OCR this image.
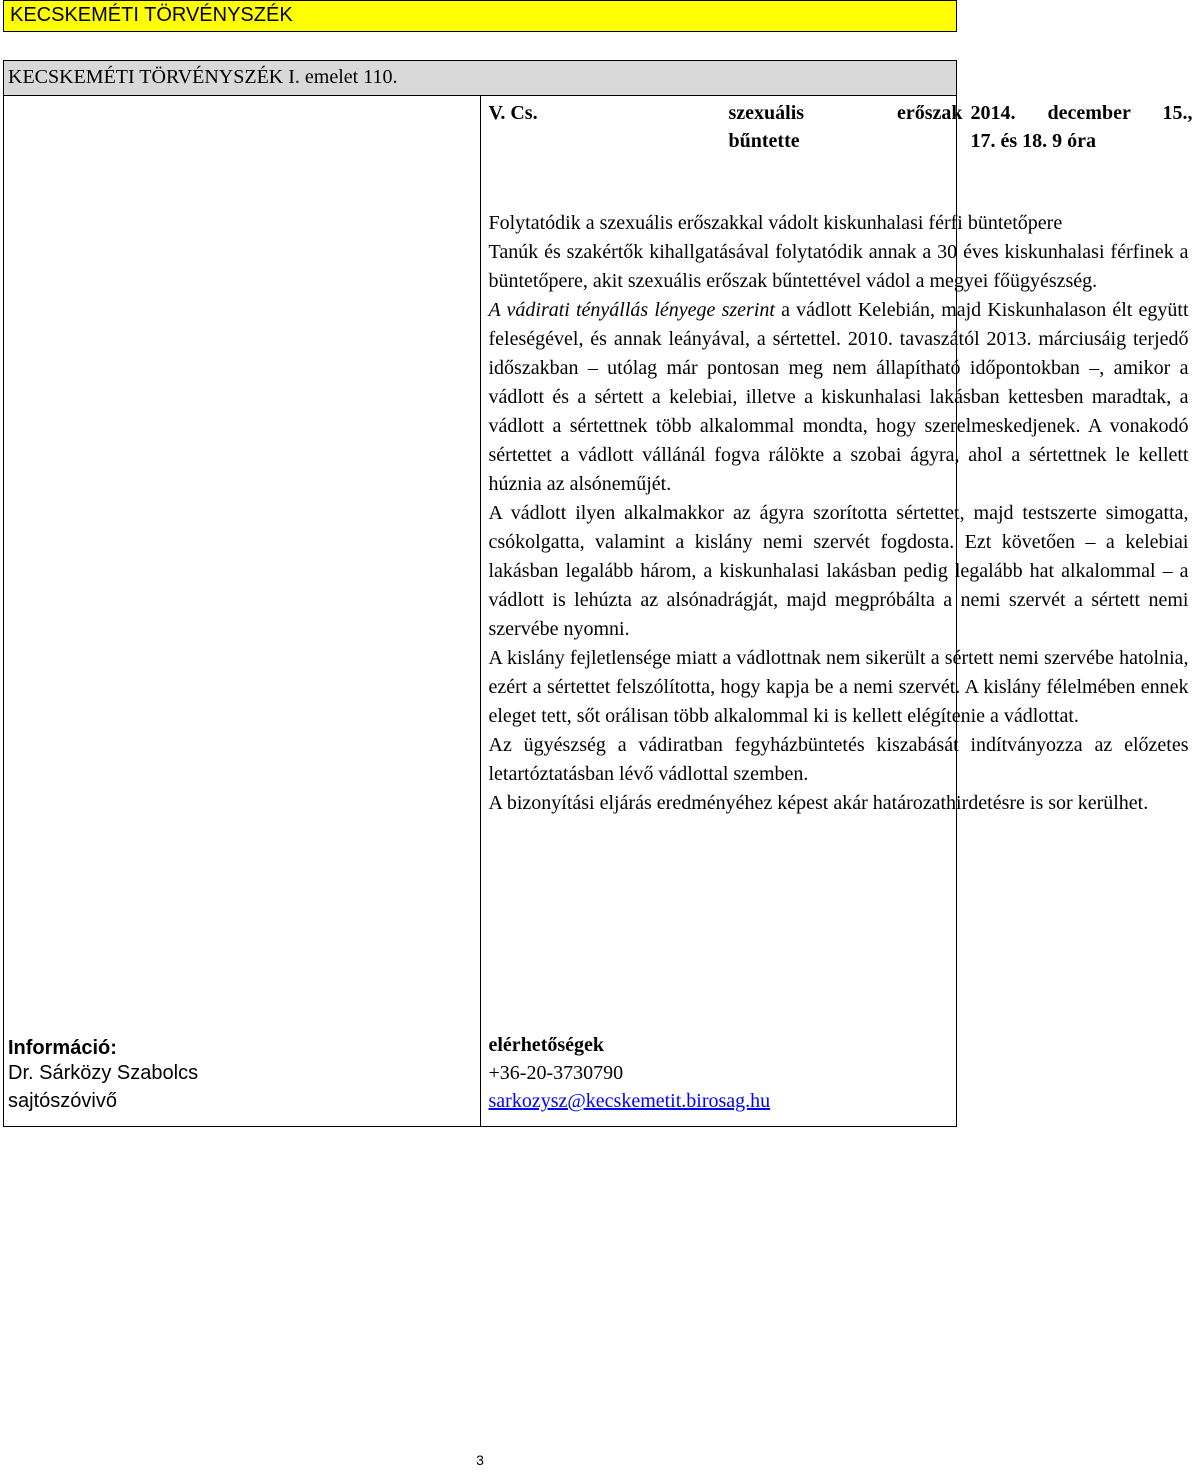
KECSKEMÉTI TÖRVÉNYSZÉK
KECSKEMÉTI TÖRVÉNYSZÉK I. emelet 110.

Információ:
Dr. Sárközy Szabolcs
sajtószóvivő

V. Cs.	szexuális erőszak
bűntette
2014. december 15.,
17. és 18. 9 óra

Folytatódik a szexuális erőszakkal vádolt kiskunhalasi férfi büntetőpere

Tanúk és szakértők kihallgatásával folytatódik annak a 30 éves kiskunhalasi férfinek a büntetőpere, akit szexuális erőszak bűntettével vádol a megyei főügyészség.

A vádirati tényállás lényege szerint a vádlott Kelebián, majd Kiskunhalason élt együtt feleségével, és annak leányával, a sértettel. 2010. tavaszától 2013. márciusáig terjedő időszakban – utólag már pontosan meg nem állapítható időpontokban –, amikor a vádlott és a sértett a kelebiai, illetve a kiskunhalasi lakásban kettesben maradtak, a vádlott a sértettnek több alkalommal mondta, hogy szerelmeskedjenek. A vonakodó sértettet a vádlott vállánál fogva rálökte a szobai ágyra, ahol a sértettnek le kellett húznia az alsóneműjét.

A vádlott ilyen alkalmakkor az ágyra szorította sértettet, majd testszerte simogatta, csókolgatta, valamint a kislány nemi szervét fogdosta. Ezt követően – a kelebiai lakásban legalább három, a kiskunhalasi lakásban pedig legalább hat alkalommal – a vádlott is lehúzta az alsónadrágját, majd megpróbálta a nemi szervét a sértett nemi szervébe nyomni.

A kislány fejletlensége miatt a vádlottnak nem sikerült a sértett nemi szervébe hatolnia, ezért a sértettet felszólította, hogy kapja be a nemi szervét. A kislány félelmében ennek eleget tett, sőt orálisan több alkalommal ki is kellett elégítenie a vádlottat.

Az ügyészség a vádiratban fegyházbüntetés kiszabását indítványozza az előzetes letartóztatásban lévő vádlottal szemben.

A bizonyítási eljárás eredményéhez képest akár határozathirdetésre is sor kerülhet.

elérhetőségek
+36-20-3730790
sarkozysz@kecskemetit.birosag.hu
3
